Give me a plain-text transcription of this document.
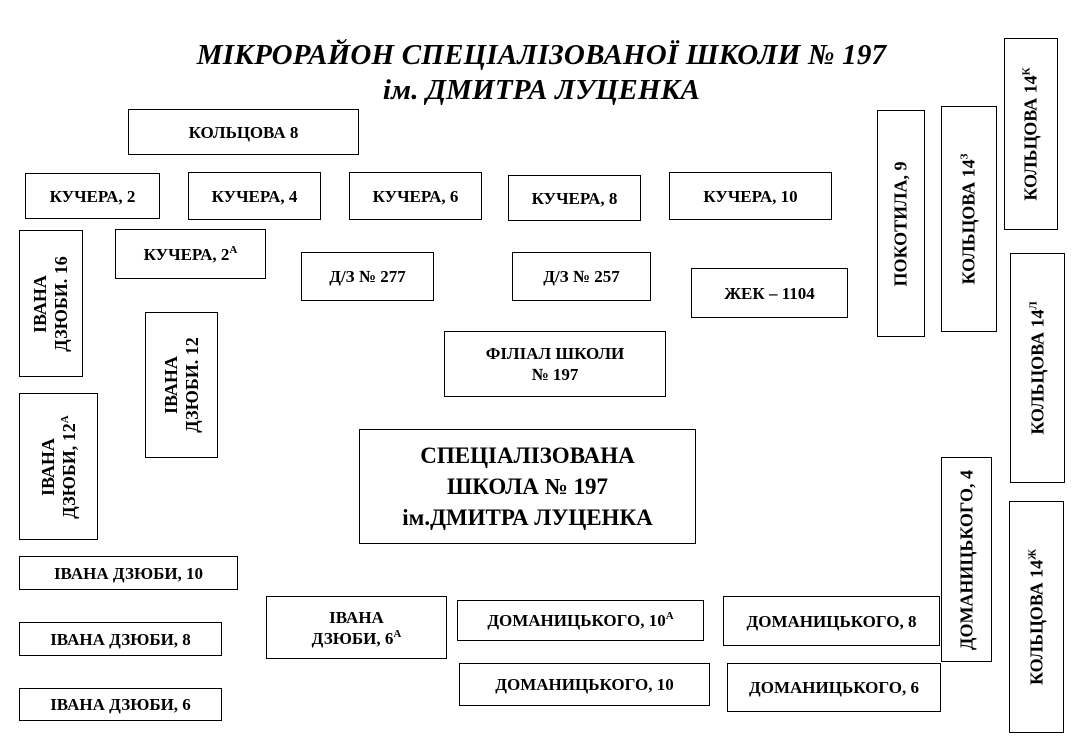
МІКРОРАЙОН СПЕЦІАЛІЗОВАНОЇ ШКОЛИ № 197
ім. ДМИТРА ЛУЦЕНКА
КОЛЬЦОВА 8
КУЧЕРА, 2	КУЧЕРА, 4	КУЧЕРА, 6	КУЧЕРА, 8	КУЧЕРА, 10
КУЧЕРА, $2^А$
Д/З № 277	Д/З № 257
ЖЕК – 1104
ФІЛІАЛ ШКОЛИ
№ 197
СПЕЦІАЛІЗОВАНА
ШКОЛА № 197
ім.ДМИТРА ЛУЦЕНКА
ІВАНА ДЗЮБИ. 16
ІВАНА ДЗЮБИ. 12
ІВАНА ДЗЮБИ, $12^А$
ІВАНА ДЗЮБИ, 10
ІВАНА ДЗЮБИ, 8
ІВАНА ДЗЮБИ, 6
ІВАНА
ДЗЮБИ, $6^А$
ДОМАНИЦЬКОГО, $10^А$	ДОМАНИЦЬКОГО, 8
ДОМАНИЦЬКОГО, 10	ДОМАНИЦЬКОГО, 6
ДОМАНИЦЬКОГО, 4
ПОКОТИЛА, 9	КОЛЬЦОВА $14^З$	КОЛЬЦОВА $14^К$
КОЛЬЦОВА $14^Л$
КОЛЬЦОВА $14^Ж$
